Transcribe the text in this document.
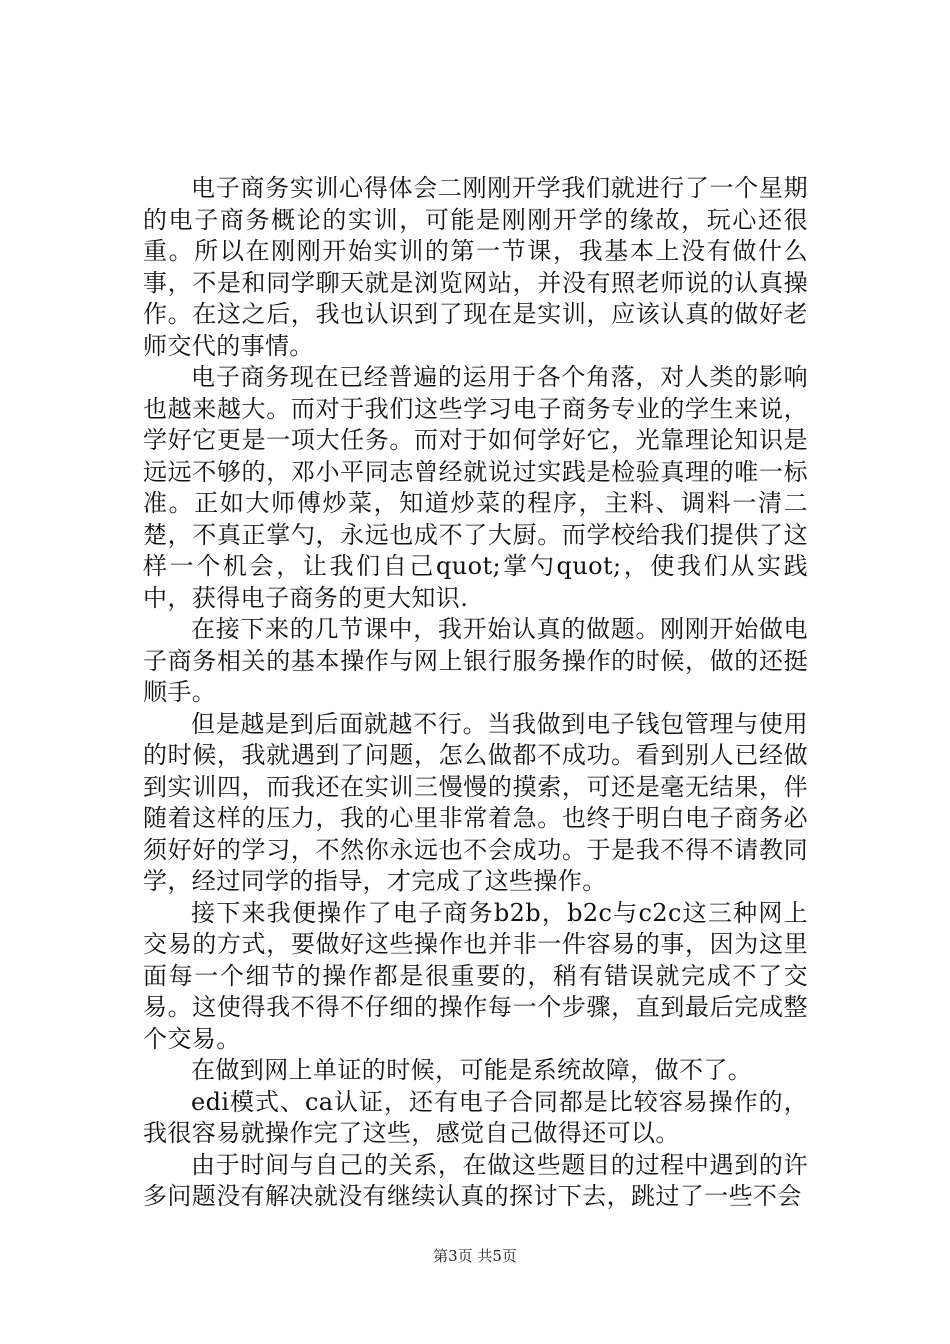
电子商务实训心得体会二刚刚开学我们就进行了一个星期的电子商务概论的实训，可能是刚刚开学的缘故，玩心还很重。所以在刚刚开始实训的第一节课，我基本上没有做什么事，不是和同学聊天就是浏览网站，并没有照老师说的认真操作。在这之后，我也认识到了现在是实训，应该认真的做好老师交代的事情。

电子商务现在已经普遍的运用于各个角落，对人类的影响也越来越大。而对于我们这些学习电子商务专业的学生来说，学好它更是一项大任务。而对于如何学好它，光靠理论知识是远远不够的，邓小平同志曾经就说过实践是检验真理的唯一标准。正如大师傅炒菜，知道炒菜的程序，主料、调料一清二楚，不真正掌勺，永远也成不了大厨。而学校给我们提供了这样一个机会，让我们自己quot;掌勺quot;，使我们从实践中，获得电子商务的更大知识.

在接下来的几节课中，我开始认真的做题。刚刚开始做电子商务相关的基本操作与网上银行服务操作的时候，做的还挺顺手。

但是越是到后面就越不行。当我做到电子钱包管理与使用的时候，我就遇到了问题，怎么做都不成功。看到别人已经做到实训四，而我还在实训三慢慢的摸索，可还是毫无结果，伴随着这样的压力，我的心里非常着急。也终于明白电子商务必须好好的学习，不然你永远也不会成功。于是我不得不请教同学，经过同学的指导，才完成了这些操作。

接下来我便操作了电子商务b2b，b2c与c2c这三种网上交易的方式，要做好这些操作也并非一件容易的事，因为这里面每一个细节的操作都是很重要的，稍有错误就完成不了交易。这使得我不得不仔细的操作每一个步骤，直到最后完成整个交易。

在做到网上单证的时候，可能是系统故障，做不了。

edi模式、ca认证，还有电子合同都是比较容易操作的，我很容易就操作完了这些，感觉自己做得还可以。

由于时间与自己的关系，在做这些题目的过程中遇到的许多问题没有解决就没有继续认真的探讨下去，跳过了一些不会

第3页 共5页
